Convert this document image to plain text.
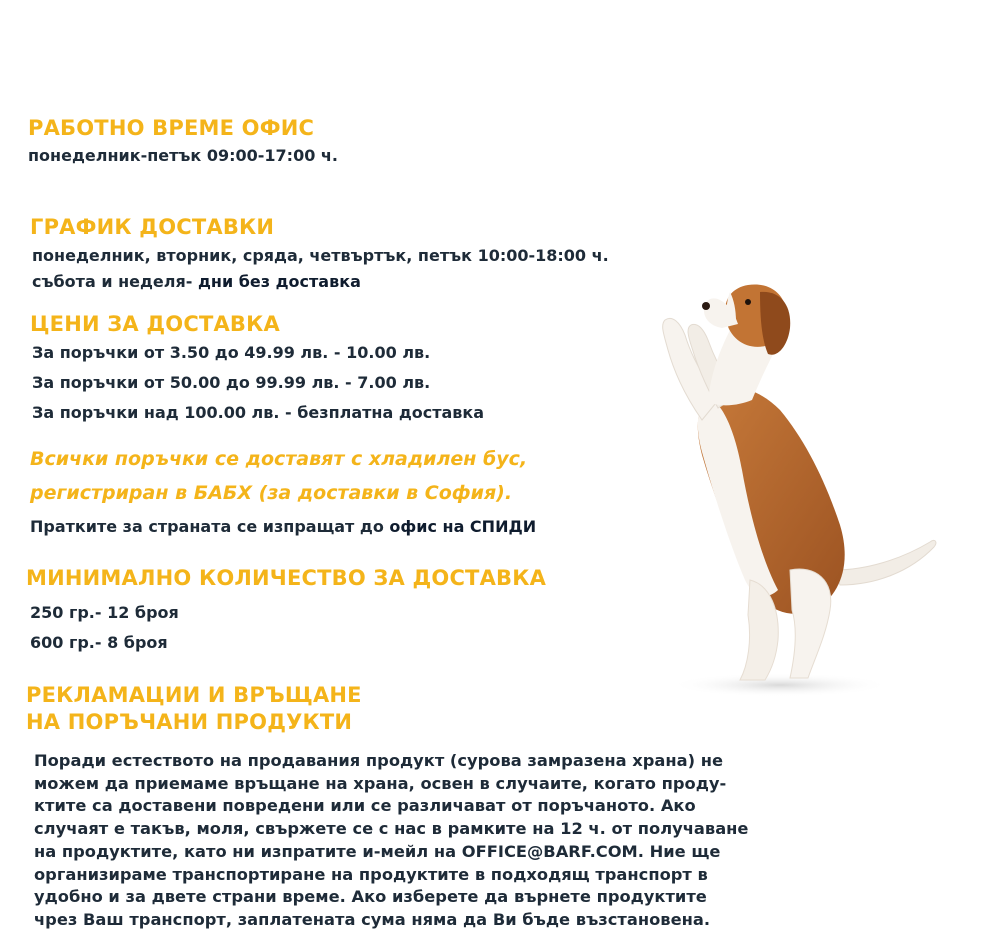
РАБОТНО ВРЕМЕ ОФИС
понеделник-петък 09:00-17:00 ч.
ГРАФИК ДОСТАВКИ
понеделник, вторник, сряда, четвъртък, петък 10:00-18:00 ч.
събота и неделя- дни без доставка
ЦЕНИ ЗА ДОСТАВКА
За поръчки от 3.50 до 49.99 лв. - 10.00 лв.
За поръчки от 50.00 до 99.99 лв. - 7.00 лв.
За поръчки над 100.00 лв. - безплатна доставка
Всички поръчки се доставят с хладилен бус,
регистриран в БАБХ (за доставки в София).
Пратките за страната се изпращат до офис на СПИДИ
МИНИМАЛНО КОЛИЧЕСТВО ЗА ДОСТАВКА
250 гр.- 12 броя
600 гр.- 8 броя
РЕКЛАМАЦИИ И ВРЪЩАНЕ
НА ПОРЪЧАНИ ПРОДУКТИ
Поради естеството на продавания продукт (сурова замразена храна) не
можем да приемаме връщане на храна, освен в случаите, когато проду-
ктите са доставени повредени или се различават от поръчаното. Ако
случаят е такъв, моля, свържете се с нас в рамките на 12 ч. от получаване
на продуктите, като ни изпратите и-мейл на OFFICE@BARF.COM. Ние ще
организираме транспортиране на продуктите в подходящ транспорт в
удобно и за двете страни време. Ако изберете да върнете продуктите
чрез Ваш транспорт, заплатената сума няма да Ви бъде възстановена.
